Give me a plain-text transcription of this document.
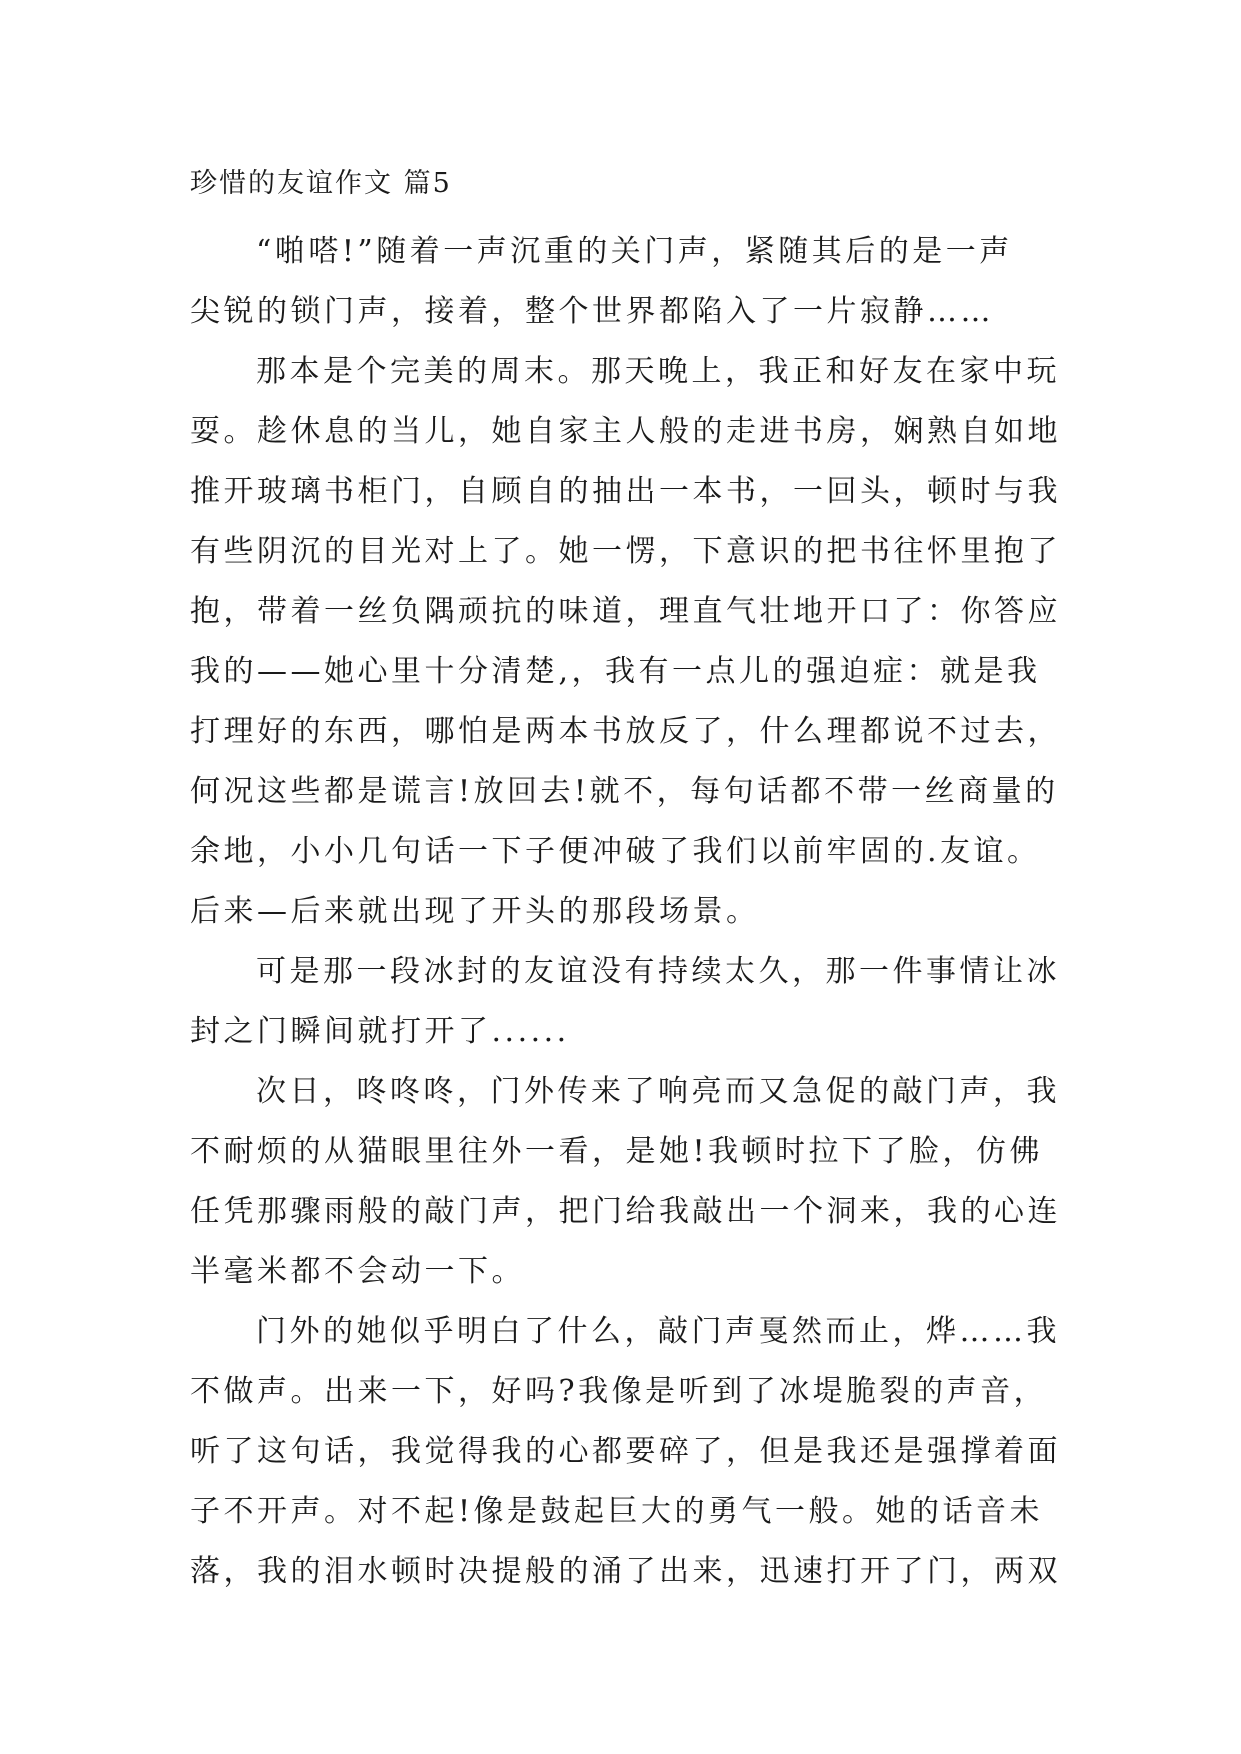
珍惜的友谊作文 篇5
“啪嗒!”随着一声沉重的关门声，紧随其后的是一声
尖锐的锁门声，接着，整个世界都陷入了一片寂静……
那本是个完美的周末。那天晚上，我正和好友在家中玩
耍。趁休息的当儿，她自家主人般的走进书房，娴熟自如地
推开玻璃书柜门，自顾自的抽出一本书，一回头，顿时与我
有些阴沉的目光对上了。她一愣，下意识的把书往怀里抱了
抱，带着一丝负隅顽抗的味道，理直气壮地开口了：你答应
我的——她心里十分清楚,，我有一点儿的强迫症：就是我
打理好的东西，哪怕是两本书放反了，什么理都说不过去，
何况这些都是谎言!放回去!就不，每句话都不带一丝商量的
余地，小小几句话一下子便冲破了我们以前牢固的.友谊。
后来—后来就出现了开头的那段场景。
可是那一段冰封的友谊没有持续太久，那一件事情让冰
封之门瞬间就打开了......
次日，咚咚咚，门外传来了响亮而又急促的敲门声，我
不耐烦的从猫眼里往外一看，是她!我顿时拉下了脸，仿佛
任凭那骤雨般的敲门声，把门给我敲出一个洞来，我的心连
半毫米都不会动一下。
门外的她似乎明白了什么，敲门声戛然而止，烨……我
不做声。出来一下，好吗?我像是听到了冰堤脆裂的声音，
听了这句话，我觉得我的心都要碎了，但是我还是强撑着面
子不开声。对不起!像是鼓起巨大的勇气一般。她的话音未
落，我的泪水顿时决提般的涌了出来，迅速打开了门，两双
